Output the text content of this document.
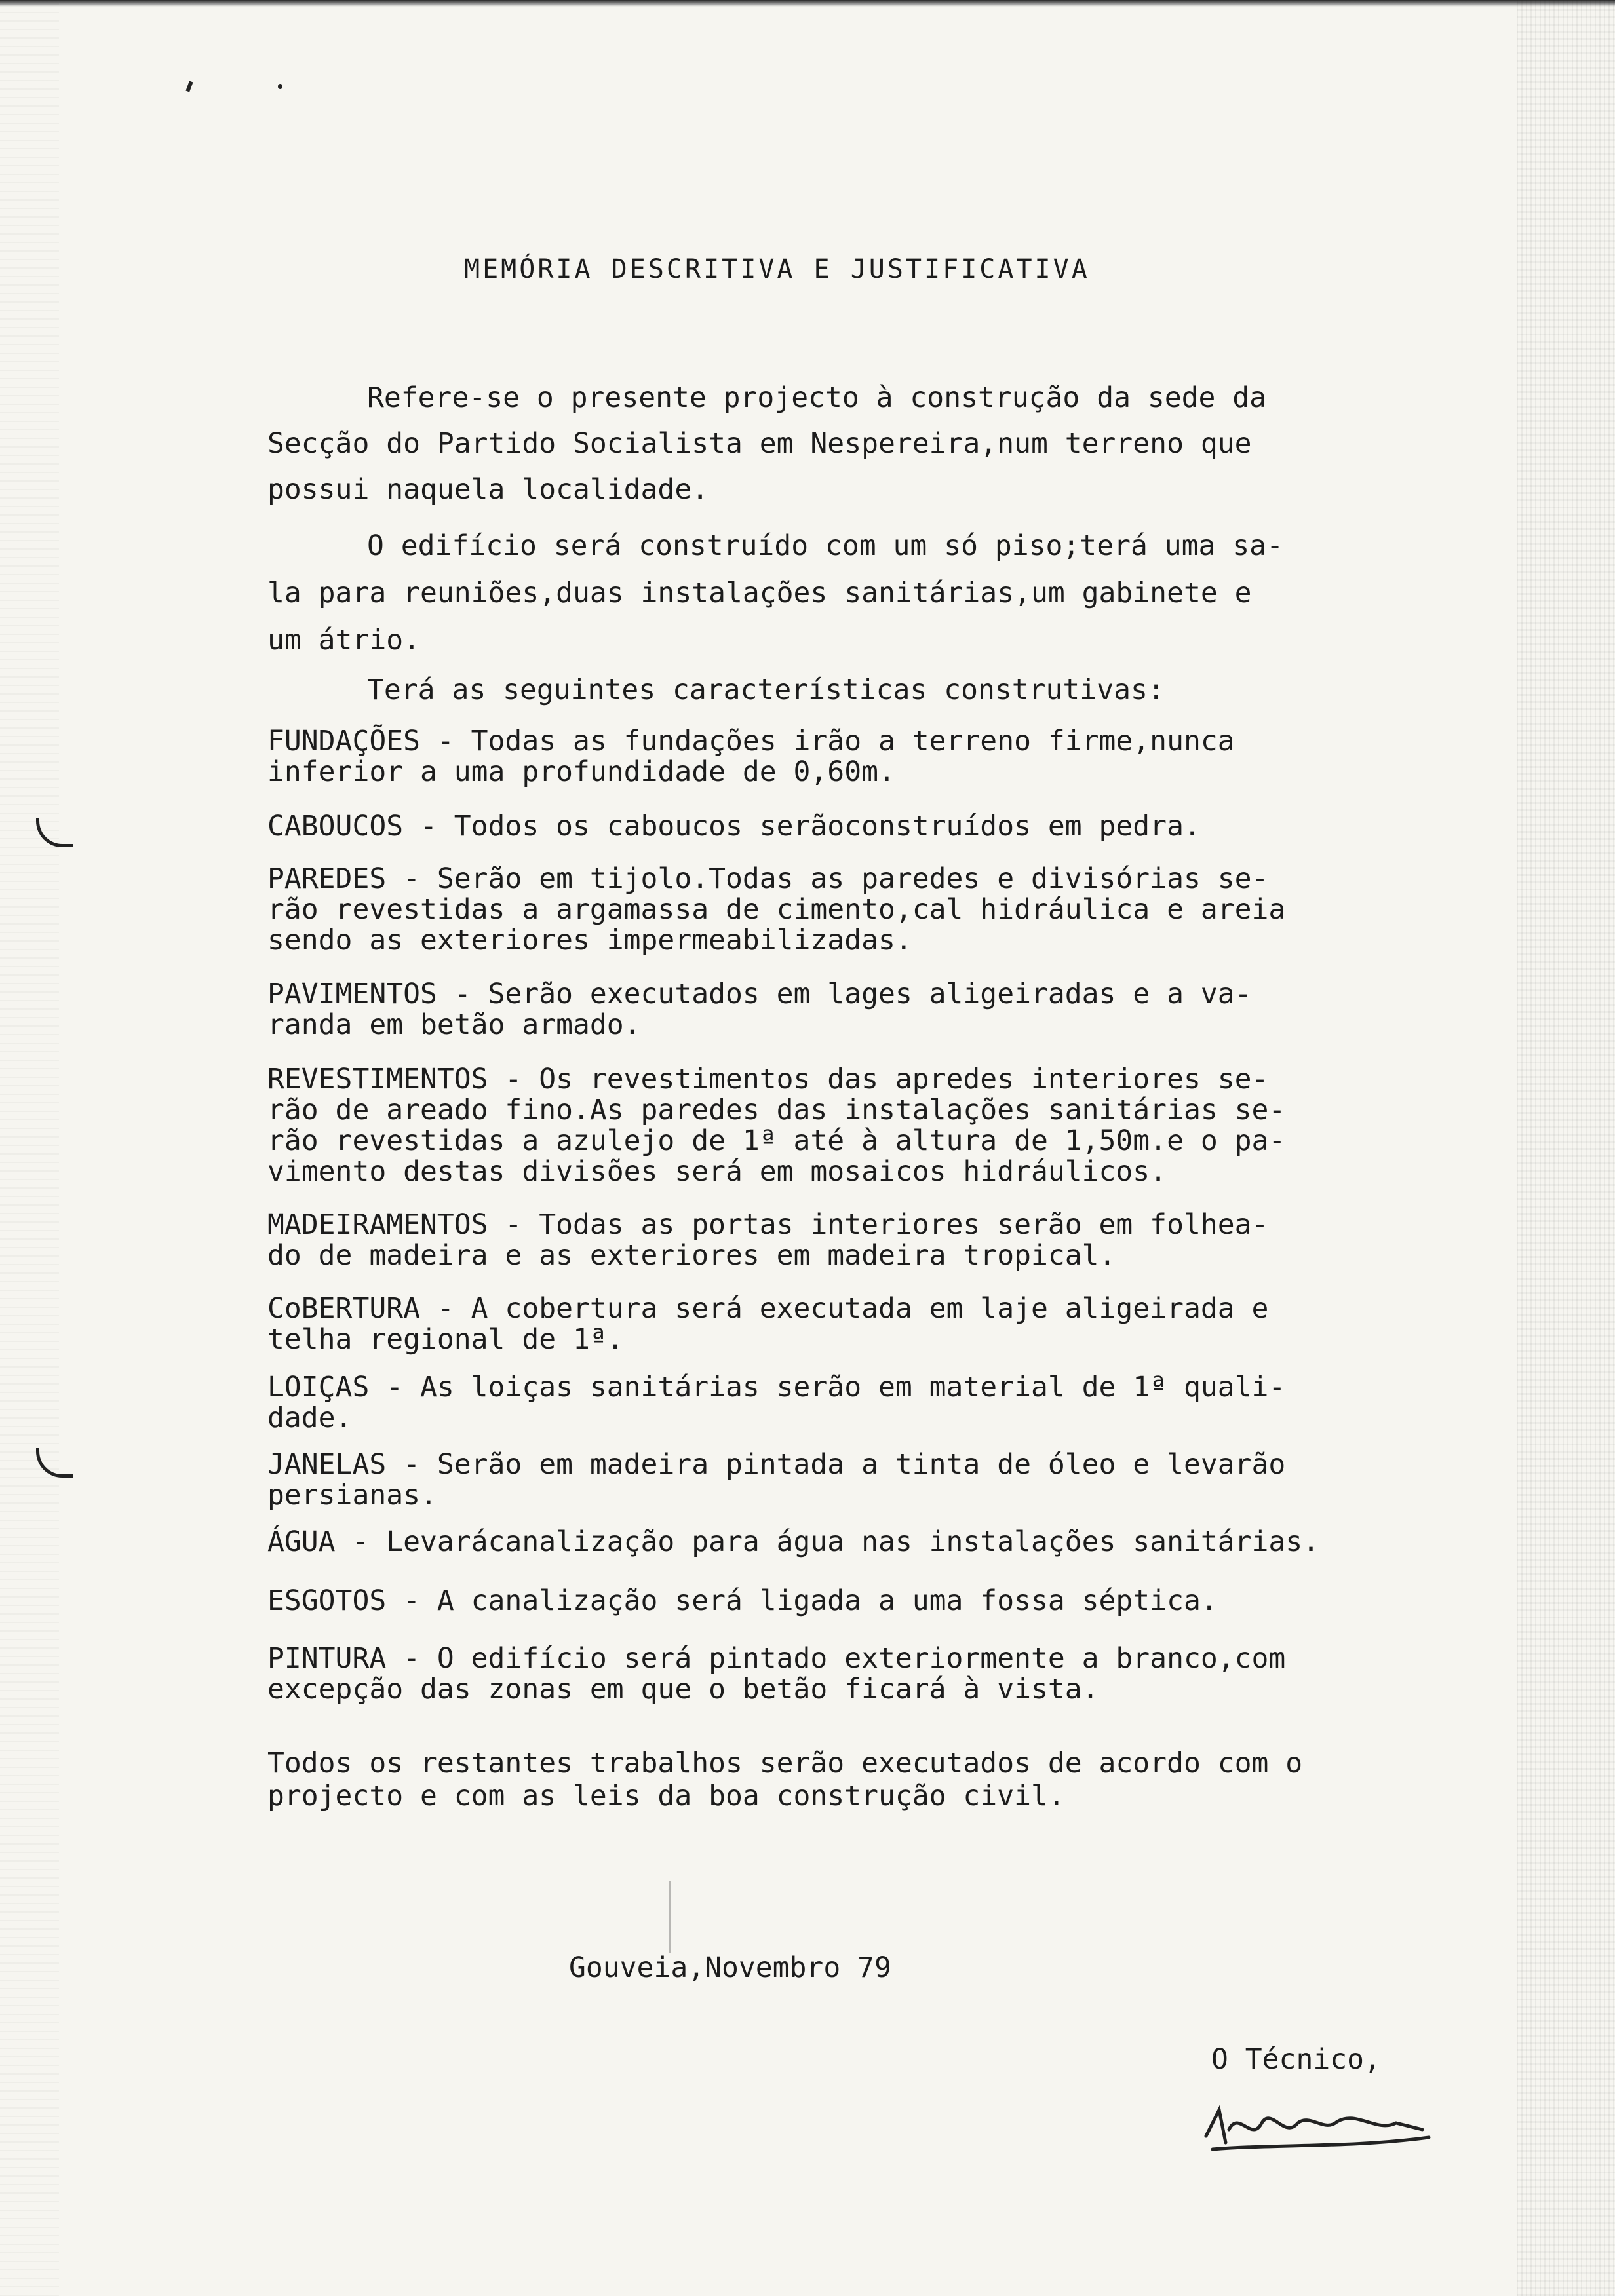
MEMÓRIA DESCRITIVA E JUSTIFICATIVA
Refere-se o presente projecto à construção da sede da
Secção do Partido Socialista em Nespereira,num terreno que
possui naquela localidade.
O edifício será construído com um só piso;terá uma sa-
la para reuniões,duas instalações sanitárias,um gabinete e
um átrio.
Terá as seguintes características construtivas:
FUNDAÇÕES - Todas as fundações irão a terreno firme,nunca
inferior a uma profundidade de 0,60m.
CABOUCOS - Todos os caboucos serãoconstruídos em pedra.
PAREDES - Serão em tijolo.Todas as paredes e divisórias se-
rão revestidas a argamassa de cimento,cal hidráulica e areia
sendo as exteriores impermeabilizadas.
PAVIMENTOS - Serão executados em lages aligeiradas e a va-
randa em betão armado.
REVESTIMENTOS - Os revestimentos das apredes interiores se-
rão de areado fino.As paredes das instalações sanitárias se-
rão revestidas a azulejo de 1ª até à altura de 1,50m.e o pa-
vimento destas divisões será em mosaicos hidráulicos.
MADEIRAMENTOS - Todas as portas interiores serão em folhea-
do de madeira e as exteriores em madeira tropical.
CoBERTURA - A cobertura será executada em laje aligeirada e
telha regional de 1ª.
LOIÇAS - As loiças sanitárias serão em material de 1ª quali-
dade.
JANELAS - Serão em madeira pintada a tinta de óleo e levarão
persianas.
ÁGUA - Levarácanalização para água nas instalações sanitárias.
ESGOTOS - A canalização será ligada a uma fossa séptica.
PINTURA - O edifício será pintado exteriormente a branco,com
excepção das zonas em que o betão ficará à vista.
Todos os restantes trabalhos serão executados de acordo com o
projecto e com as leis da boa construção civil.
Gouveia,Novembro 79
O Técnico,
